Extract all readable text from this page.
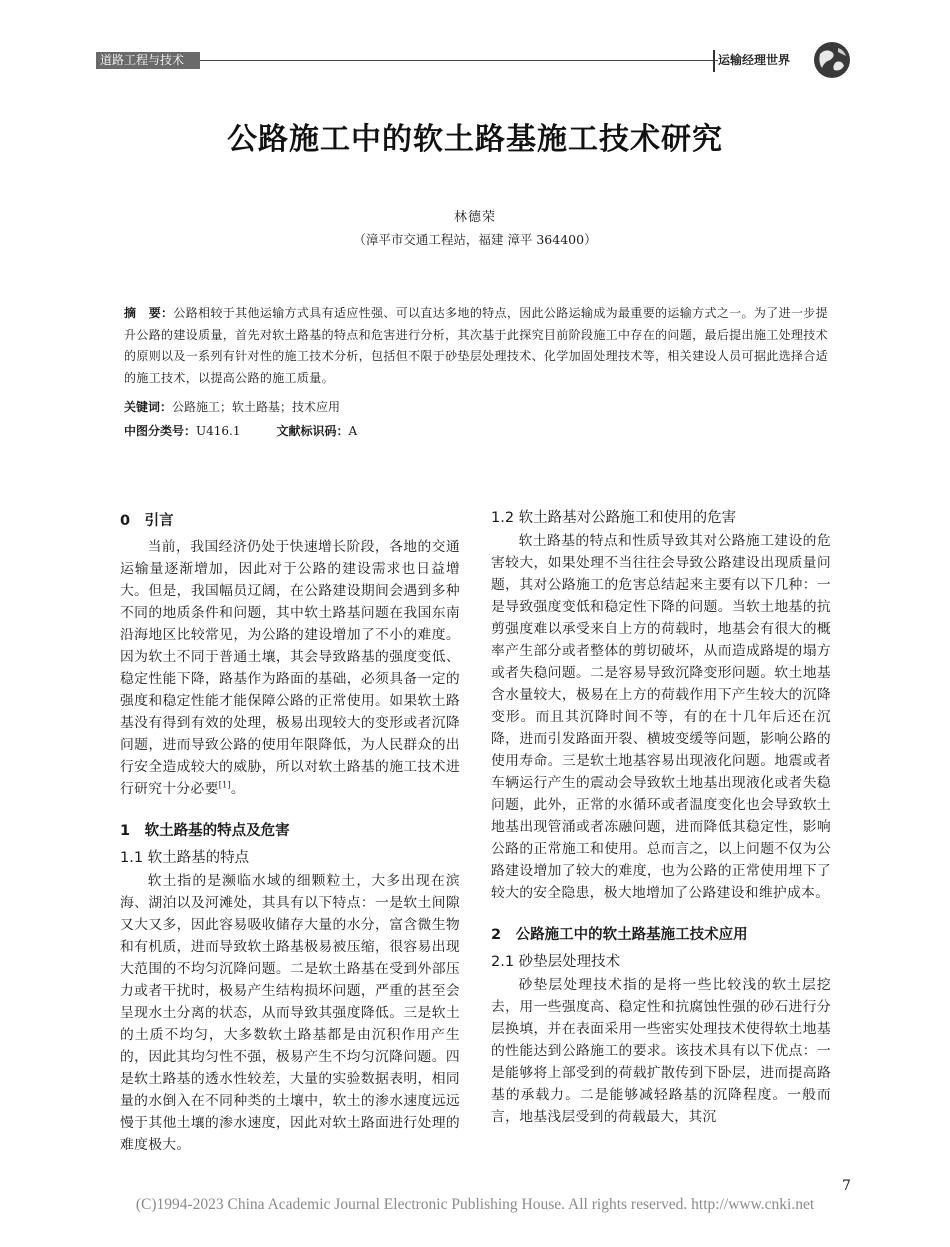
道路工程与技术	运输经理世界
公路施工中的软土路基施工技术研究
林德荣
（漳平市交通工程站，福建 漳平 364400）
摘　要：公路相较于其他运输方式具有适应性强、可以直达多地的特点，因此公路运输成为最重要的运输方式之一。为了进一步提升公路的建设质量，首先对软土路基的特点和危害进行分析，其次基于此探究目前阶段施工中存在的问题，最后提出施工处理技术的原则以及一系列有针对性的施工技术分析，包括但不限于砂垫层处理技术、化学加固处理技术等，相关建设人员可据此选择合适的施工技术，以提高公路的施工质量。
关键词：公路施工；软土路基；技术应用
中图分类号：U416.1	文献标识码：A
0　引言

当前，我国经济仍处于快速增长阶段，各地的交通运输量逐渐增加，因此对于公路的建设需求也日益增大。但是，我国幅员辽阔，在公路建设期间会遇到多种不同的地质条件和问题，其中软土路基问题在我国东南沿海地区比较常见，为公路的建设增加了不小的难度。因为软土不同于普通土壤，其会导致路基的强度变低、稳定性能下降，路基作为路面的基础，必须具备一定的强度和稳定性能才能保障公路的正常使用。如果软土路基没有得到有效的处理，极易出现较大的变形或者沉降问题，进而导致公路的使用年限降低，为人民群众的出行安全造成较大的威胁，所以对软土路基的施工技术进行研究十分必要[1]。

1　软土路基的特点及危害
1.1 软土路基的特点

软土指的是濒临水域的细颗粒土，大多出现在滨海、湖泊以及河滩处，其具有以下特点：一是软土间隙又大又多，因此容易吸收储存大量的水分，富含微生物和有机质，进而导致软土路基极易被压缩，很容易出现大范围的不均匀沉降问题。二是软土路基在受到外部压力或者干扰时，极易产生结构损坏问题，严重的甚至会呈现水土分离的状态，从而导致其强度降低。三是软土的土质不均匀，大多数软土路基都是由沉积作用产生的，因此其均匀性不强，极易产生不均匀沉降问题。四是软土路基的透水性较差，大量的实验数据表明，相同量的水倒入在不同种类的土壤中，软土的渗水速度远远慢于其他土壤的渗水速度，因此对软土路面进行处理的难度极大。

1.2 软土路基对公路施工和使用的危害

软土路基的特点和性质导致其对公路施工建设的危害较大，如果处理不当往往会导致公路建设出现质量问题，其对公路施工的危害总结起来主要有以下几种：一是导致强度变低和稳定性下降的问题。当软土地基的抗剪强度难以承受来自上方的荷载时，地基会有很大的概率产生部分或者整体的剪切破坏，从而造成路堤的塌方或者失稳问题。二是容易导致沉降变形问题。软土地基含水量较大，极易在上方的荷载作用下产生较大的沉降变形。而且其沉降时间不等，有的在十几年后还在沉降，进而引发路面开裂、横坡变缓等问题，影响公路的使用寿命。三是软土地基容易出现液化问题。地震或者车辆运行产生的震动会导致软土地基出现液化或者失稳问题，此外，正常的水循环或者温度变化也会导致软土地基出现管涌或者冻融问题，进而降低其稳定性，影响公路的正常施工和使用。总而言之，以上问题不仅为公路建设增加了较大的难度，也为公路的正常使用埋下了较大的安全隐患，极大地增加了公路建设和维护成本。

2　公路施工中的软土路基施工技术应用
2.1 砂垫层处理技术

砂垫层处理技术指的是将一些比较浅的软土层挖去，用一些强度高、稳定性和抗腐蚀性强的砂石进行分层换填，并在表面采用一些密实处理技术使得软土地基的性能达到公路施工的要求。该技术具有以下优点：一是能够将上部受到的荷载扩散传到下卧层，进而提高路基的承载力。二是能够减轻路基的沉降程度。一般而言，地基浅层受到的荷载最大，其沉

7
(C)1994-2023 China Academic Journal Electronic Publishing House. All rights reserved. http://www.cnki.net
